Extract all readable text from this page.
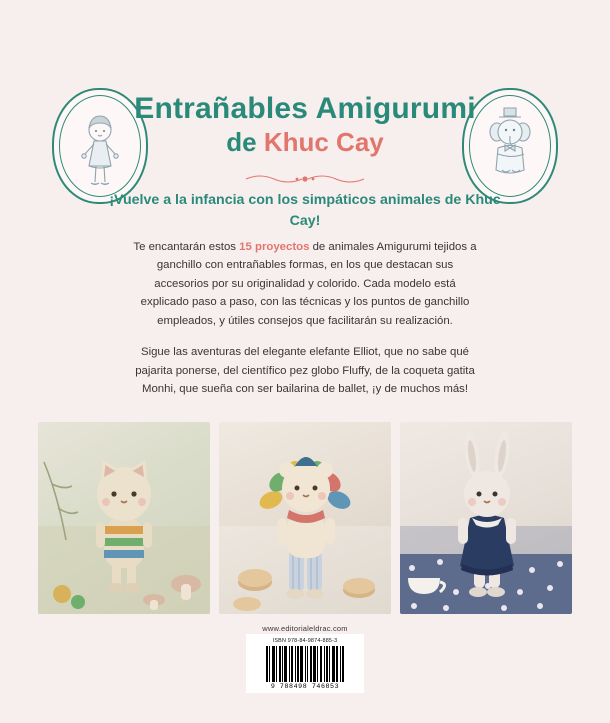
Entrañables Amigurumi
de Khuc Cay
¡Vuelve a la infancia con los simpáticos animales de Khuc Cay!

Te encantarán estos 15 proyectos de animales Amigurumi tejidos a ganchillo con entrañables formas, en los que destacan sus accesorios por su originalidad y colorido. Cada modelo está explicado paso a paso, con las técnicas y los puntos de ganchillo empleados, y útiles consejos que facilitarán su realización.

Sigue las aventuras del elegante elefante Elliot, que no sabe qué pajarita ponerse, del científico pez globo Fluffy, de la coqueta gatita Monhi, que sueña con ser bailarina de ballet, ¡y de muchos más!

www.editorialeldrac.com
ISBN 978-84-9874-885-3
9 788498 746853
